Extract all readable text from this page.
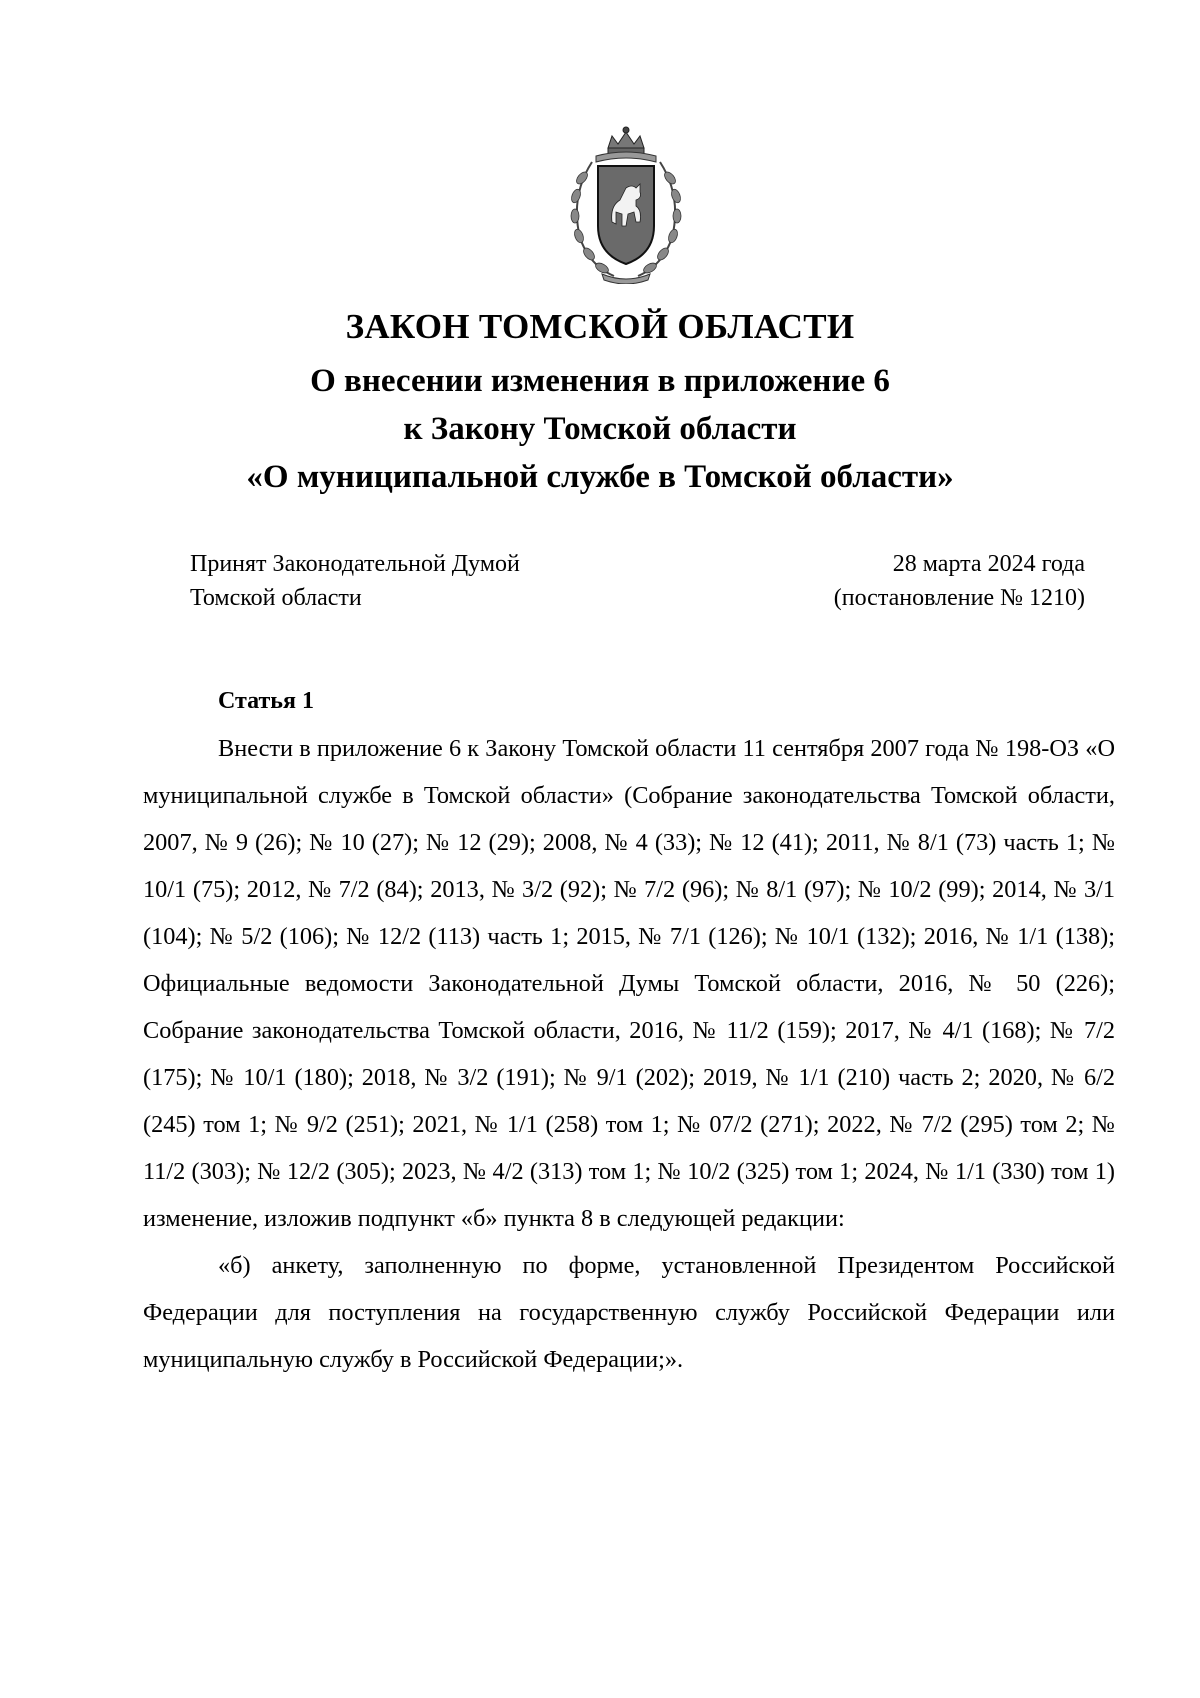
ЗАКОН ТОМСКОЙ ОБЛАСТИ
О внесении изменения в приложение 6
к Закону Томской области
«О муниципальной службе в Томской области»
Принят Законодательной Думой
Томской области
28 марта 2024 года
(постановление № 1210)
Статья 1

Внести в приложение 6 к Закону Томской области 11 сентября 2007 года № 198-ОЗ «О муниципальной службе в Томской области» (Собрание законодательства Томской области, 2007, № 9 (26); № 10 (27); № 12 (29); 2008, № 4 (33); № 12 (41); 2011, № 8/1 (73) часть 1; № 10/1 (75); 2012, № 7/2 (84); 2013, № 3/2 (92); № 7/2 (96); № 8/1 (97); № 10/2 (99); 2014, № 3/1 (104); № 5/2 (106); № 12/2 (113) часть 1; 2015, № 7/1 (126); № 10/1 (132); 2016, № 1/1 (138); Официальные ведомости Законодательной Думы Томской области, 2016, № 50 (226); Собрание законодательства Томской области, 2016, № 11/2 (159); 2017, № 4/1 (168); № 7/2 (175); № 10/1 (180); 2018, № 3/2 (191); № 9/1 (202); 2019, № 1/1 (210) часть 2; 2020, № 6/2 (245) том 1; № 9/2 (251); 2021, № 1/1 (258) том 1; № 07/2 (271); 2022, № 7/2 (295) том 2; № 11/2 (303); № 12/2 (305); 2023, № 4/2 (313) том 1; № 10/2 (325) том 1; 2024, № 1/1 (330) том 1) изменение, изложив подпункт «б» пункта 8 в следующей редакции:

«б) анкету, заполненную по форме, установленной Президентом Российской Федерации для поступления на государственную службу Российской Федерации или муниципальную службу в Российской Федерации;».
